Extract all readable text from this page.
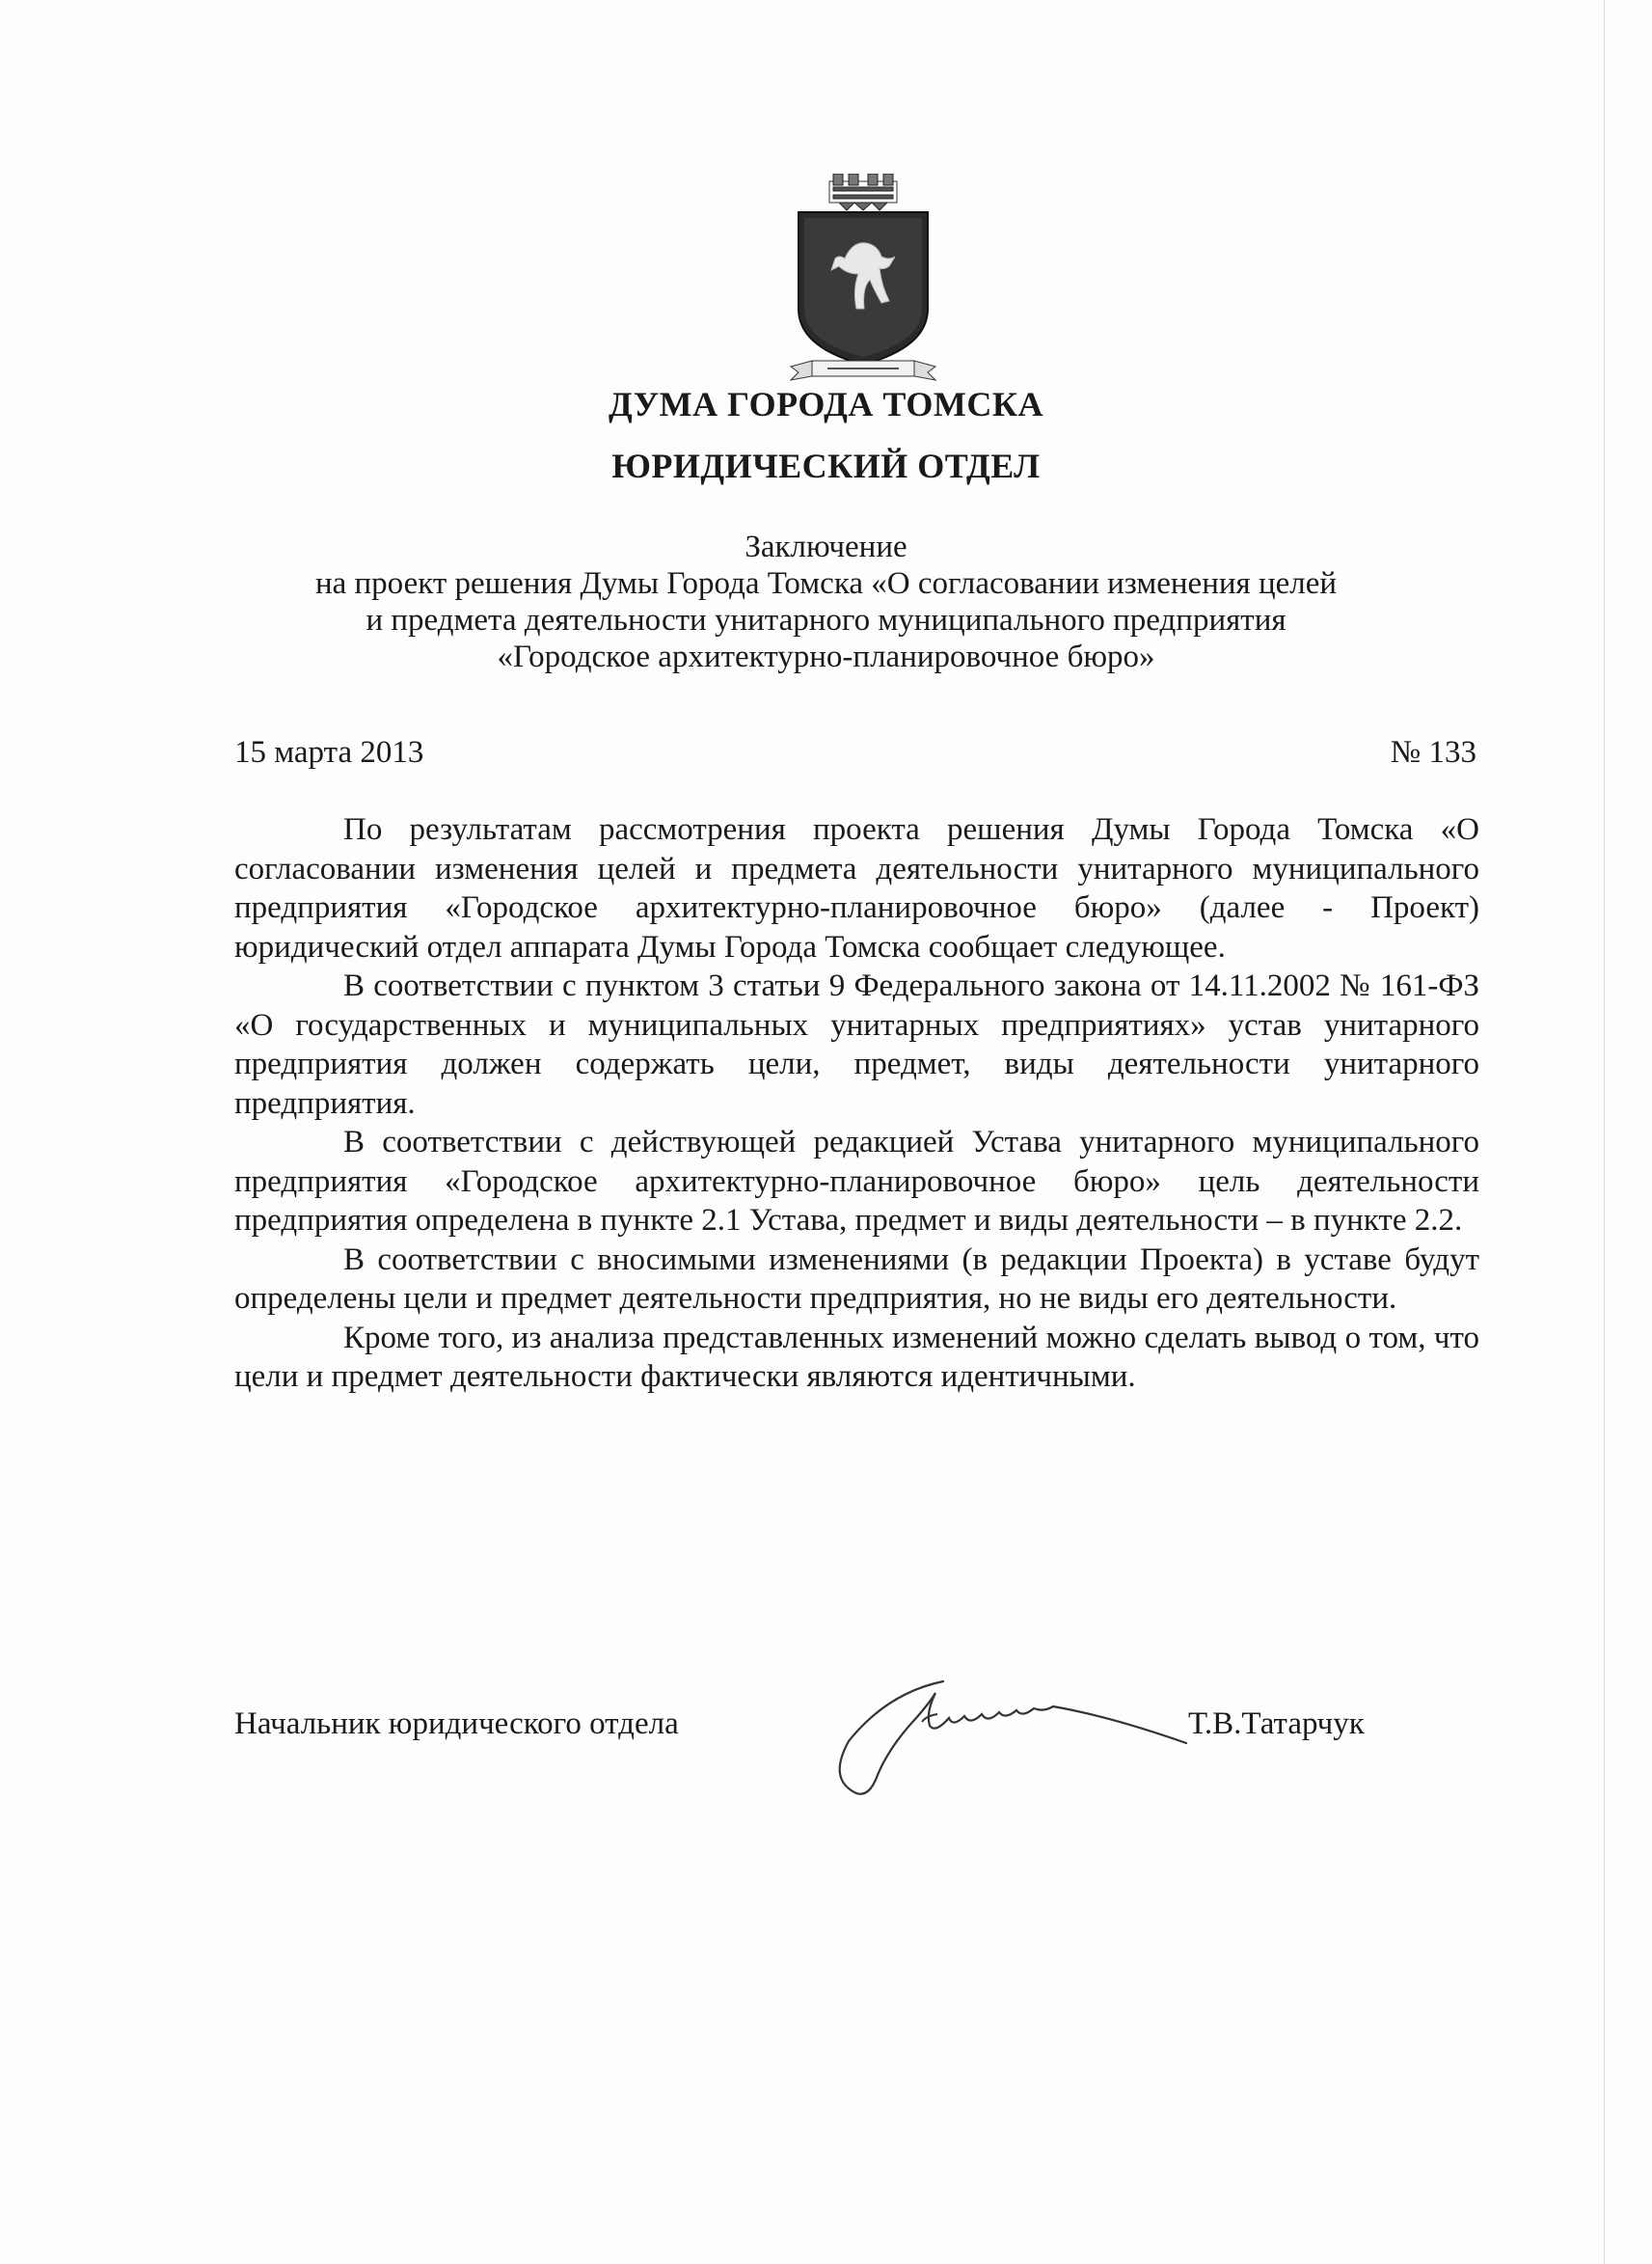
ДУМА ГОРОДА ТОМСКА
ЮРИДИЧЕСКИЙ ОТДЕЛ
Заключение
на проект решения Думы Города Томска «О согласовании изменения целей
и предмета деятельности унитарного муниципального предприятия
«Городское архитектурно-планировочное бюро»
15 марта 2013	№ 133

По результатам рассмотрения проекта решения Думы Города Томска «О согласовании изменения целей и предмета деятельности унитарного муниципального предприятия «Городское архитектурно-планировочное бюро» (далее - Проект) юридический отдел аппарата Думы Города Томска сообщает следующее.

В соответствии с пунктом 3 статьи 9 Федерального закона от 14.11.2002 № 161-ФЗ «О государственных и муниципальных унитарных предприятиях» устав унитарного предприятия должен содержать цели, предмет, виды деятельности унитарного предприятия.

В соответствии с действующей редакцией Устава унитарного муниципального предприятия «Городское архитектурно-планировочное бюро» цель деятельности предприятия определена в пункте 2.1 Устава, предмет и виды деятельности – в пункте 2.2.

В соответствии с вносимыми изменениями (в редакции Проекта) в уставе будут определены цели и предмет деятельности предприятия, но не виды его деятельности.

Кроме того, из анализа представленных изменений можно сделать вывод о том, что цели и предмет деятельности фактически являются идентичными.

Начальник юридического отдела	Т.В.Татарчук
